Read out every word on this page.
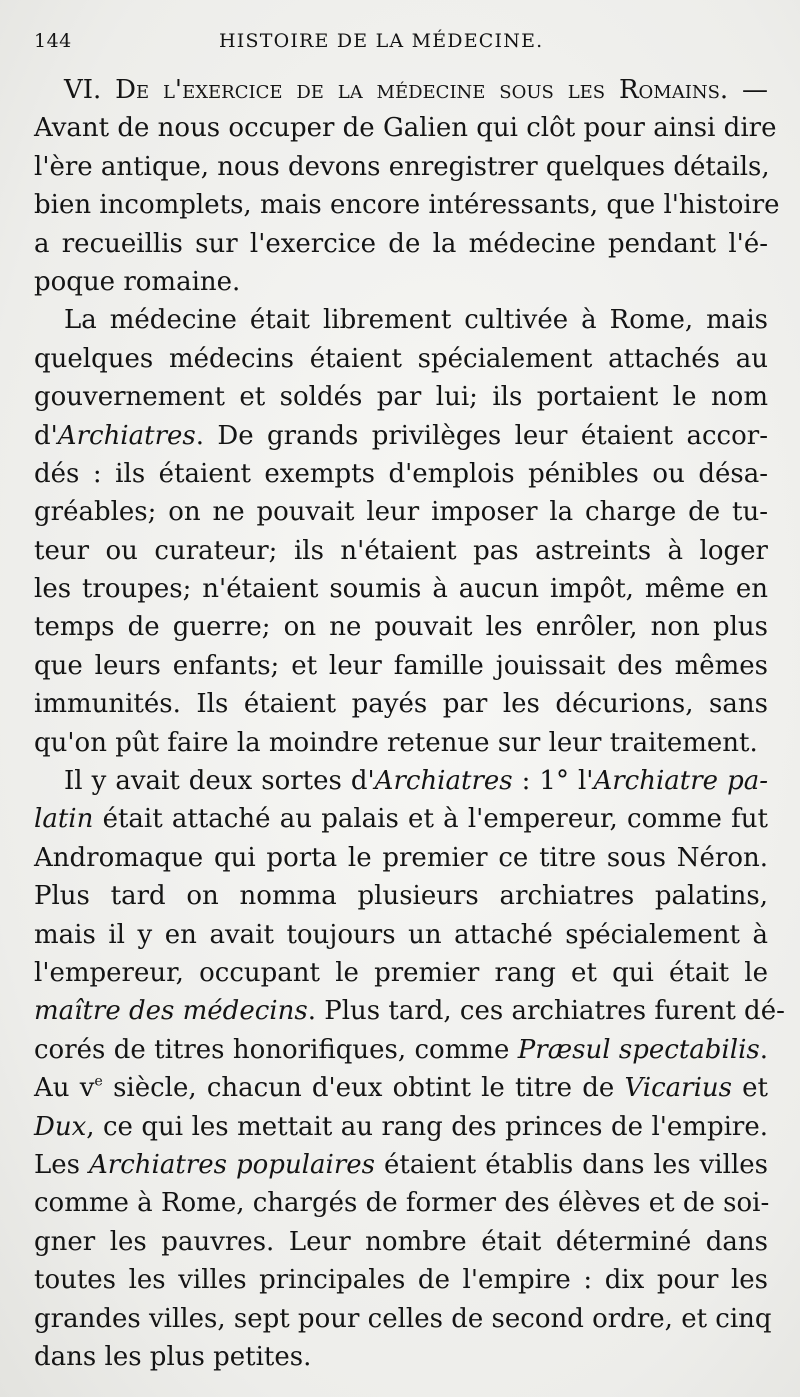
144	HISTOIRE DE LA MÉDECINE.
VI. De l'exercice de la médecine sous les Romains. —
Avant de nous occuper de Galien qui clôt pour ainsi dire
l'ère antique, nous devons enregistrer quelques détails,
bien incomplets, mais encore intéressants, que l'histoire
a recueillis sur l'exercice de la médecine pendant l'é-
poque romaine.
La médecine était librement cultivée à Rome, mais
quelques médecins étaient spécialement attachés au
gouvernement et soldés par lui; ils portaient le nom
d'Archiatres. De grands privilèges leur étaient accor-
dés : ils étaient exempts d'emplois pénibles ou désa-
gréables; on ne pouvait leur imposer la charge de tu-
teur ou curateur; ils n'étaient pas astreints à loger
les troupes; n'étaient soumis à aucun impôt, même en
temps de guerre; on ne pouvait les enrôler, non plus
que leurs enfants; et leur famille jouissait des mêmes
immunités. Ils étaient payés par les décurions, sans
qu'on pût faire la moindre retenue sur leur traitement.
Il y avait deux sortes d'Archiatres : 1° l'Archiatre pa-
latin était attaché au palais et à l'empereur, comme fut
Andromaque qui porta le premier ce titre sous Néron.
Plus tard on nomma plusieurs archiatres palatins,
mais il y en avait toujours un attaché spécialement à
l'empereur, occupant le premier rang et qui était le
maître des médecins. Plus tard, ces archiatres furent dé-
corés de titres honorifiques, comme Præsul spectabilis.
Au $v^e$ siècle, chacun d'eux obtint le titre de Vicarius et
Dux, ce qui les mettait au rang des princes de l'empire.
Les Archiatres populaires étaient établis dans les villes
comme à Rome, chargés de former des élèves et de soi-
gner les pauvres. Leur nombre était déterminé dans
toutes les villes principales de l'empire : dix pour les
grandes villes, sept pour celles de second ordre, et cinq
dans les plus petites.
